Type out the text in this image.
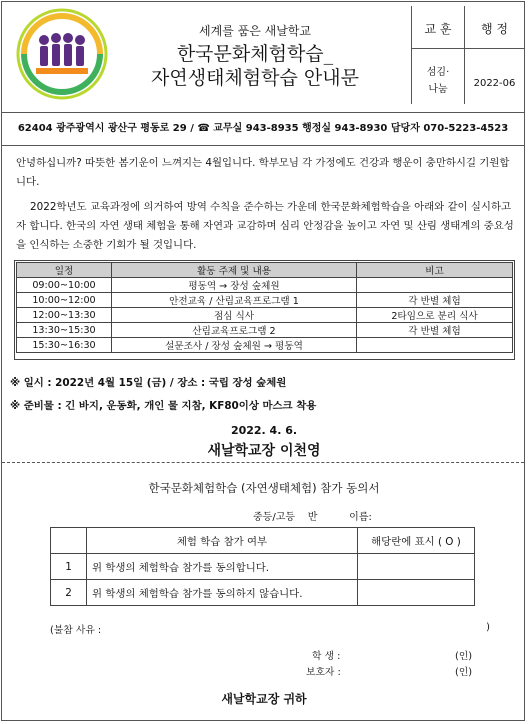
세계를 품은 새날학교
한국문화체험학습_
자연생태체험학습 안내문
교 훈	행 정
섬김·
나눔
2022-06
62404 광주광역시 광산구 평동로 29 / ☎ 교무실 943-8935 행정실 943-8930 담당자 070-5223-4523
안녕하십니까? 따뜻한 봄기운이 느껴지는 4월입니다. 학부모님 각 가정에도 건강과 행운이 충만하시길 기원합니다.
2022학년도 교육과정에 의거하여 방역 수칙을 준수하는 가운데 한국문화체험학습을 아래와 같이 실시하고자 합니다. 한국의 자연 생태 체험을 통해 자연과 교감하며 심리 안정감을 높이고 자연 및 산림 생태계의 중요성을 인식하는 소중한 기회가 될 것입니다.
일정	활동 주제 및 내용	비고
09:00~10:00	평동역 → 장성 숲체원	
10:00~12:00	안전교육 / 산림교육프로그램 1	각 반별 체험
12:00~13:30	점심 식사	2타임으로 분리 식사
13:30~15:30	산림교육프로그램 2	각 반별 체험
15:30~16:30	설문조사 / 장성 숲체원 → 평동역	
※ 일시 : 2022년 4월 15일 (금) / 장소 : 국립 장성 숲체원
※ 준비물 : 긴 바지, 운동화, 개인 물 지참, KF80이상 마스크 착용
2022. 4. 6.
새날학교장 이천영
한국문화체험학습 (자연생태체험) 참가 동의서
중등/고등    반          이름:
	체험 학습 참가 여부	해당란에 표시 ( O )
1	위 학생의 체험학습 참가를 동의합니다.	
2	위 학생의 체험학습 참가를 동의하지 않습니다.	
(불참 사유 :	)
학 생 :	(인)
보호자 :	(인)
새날학교장 귀하
